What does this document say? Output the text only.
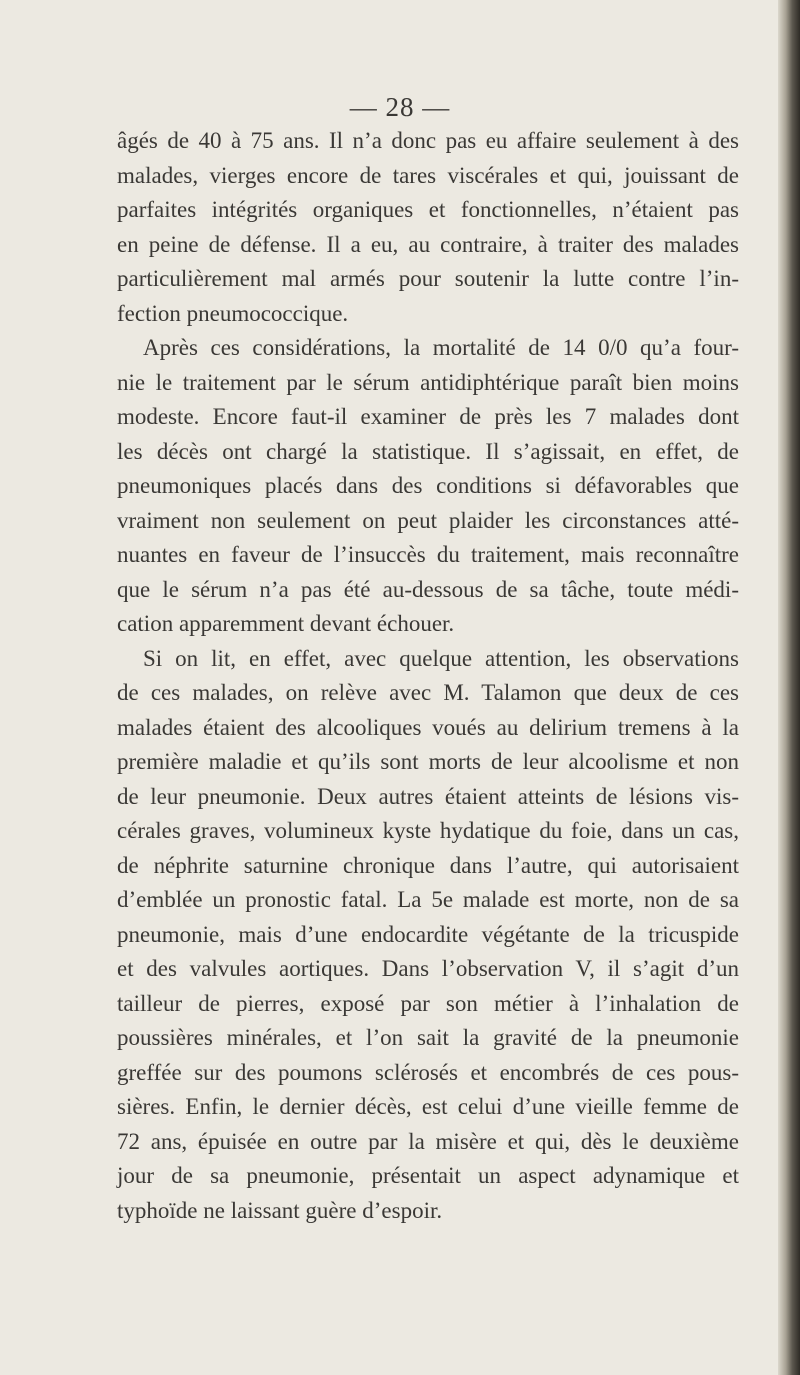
— 28 —
âgés de 40 à 75 ans. Il n’a donc pas eu affaire seulement à des
malades, vierges encore de tares viscérales et qui, jouissant de
parfaites intégrités organiques et fonctionnelles, n’étaient pas
en peine de défense. Il a eu, au contraire, à traiter des malades
particulièrement mal armés pour soutenir la lutte contre l’in-
fection pneumococcique.
Après ces considérations, la mortalité de 14 0/0 qu’a four-
nie le traitement par le sérum antidiphtérique paraît bien moins
modeste. Encore faut-il examiner de près les 7 malades dont
les décès ont chargé la statistique. Il s’agissait, en effet, de
pneumoniques placés dans des conditions si défavorables que
vraiment non seulement on peut plaider les circonstances atté-
nuantes en faveur de l’insuccès du traitement, mais reconnaître
que le sérum n’a pas été au-dessous de sa tâche, toute médi-
cation apparemment devant échouer.
Si on lit, en effet, avec quelque attention, les observations
de ces malades, on relève avec M. Talamon que deux de ces
malades étaient des alcooliques voués au delirium tremens à la
première maladie et qu’ils sont morts de leur alcoolisme et non
de leur pneumonie. Deux autres étaient atteints de lésions vis-
cérales graves, volumineux kyste hydatique du foie, dans un cas,
de néphrite saturnine chronique dans l’autre, qui autorisaient
d’emblée un pronostic fatal. La 5e malade est morte, non de sa
pneumonie, mais d’une endocardite végétante de la tricuspide
et des valvules aortiques. Dans l’observation V, il s’agit d’un
tailleur de pierres, exposé par son métier à l’inhalation de
poussières minérales, et l’on sait la gravité de la pneumonie
greffée sur des poumons sclérosés et encombrés de ces pous-
sières. Enfin, le dernier décès, est celui d’une vieille femme de
72 ans, épuisée en outre par la misère et qui, dès le deuxième
jour de sa pneumonie, présentait un aspect adynamique et
typhoïde ne laissant guère d’espoir.
